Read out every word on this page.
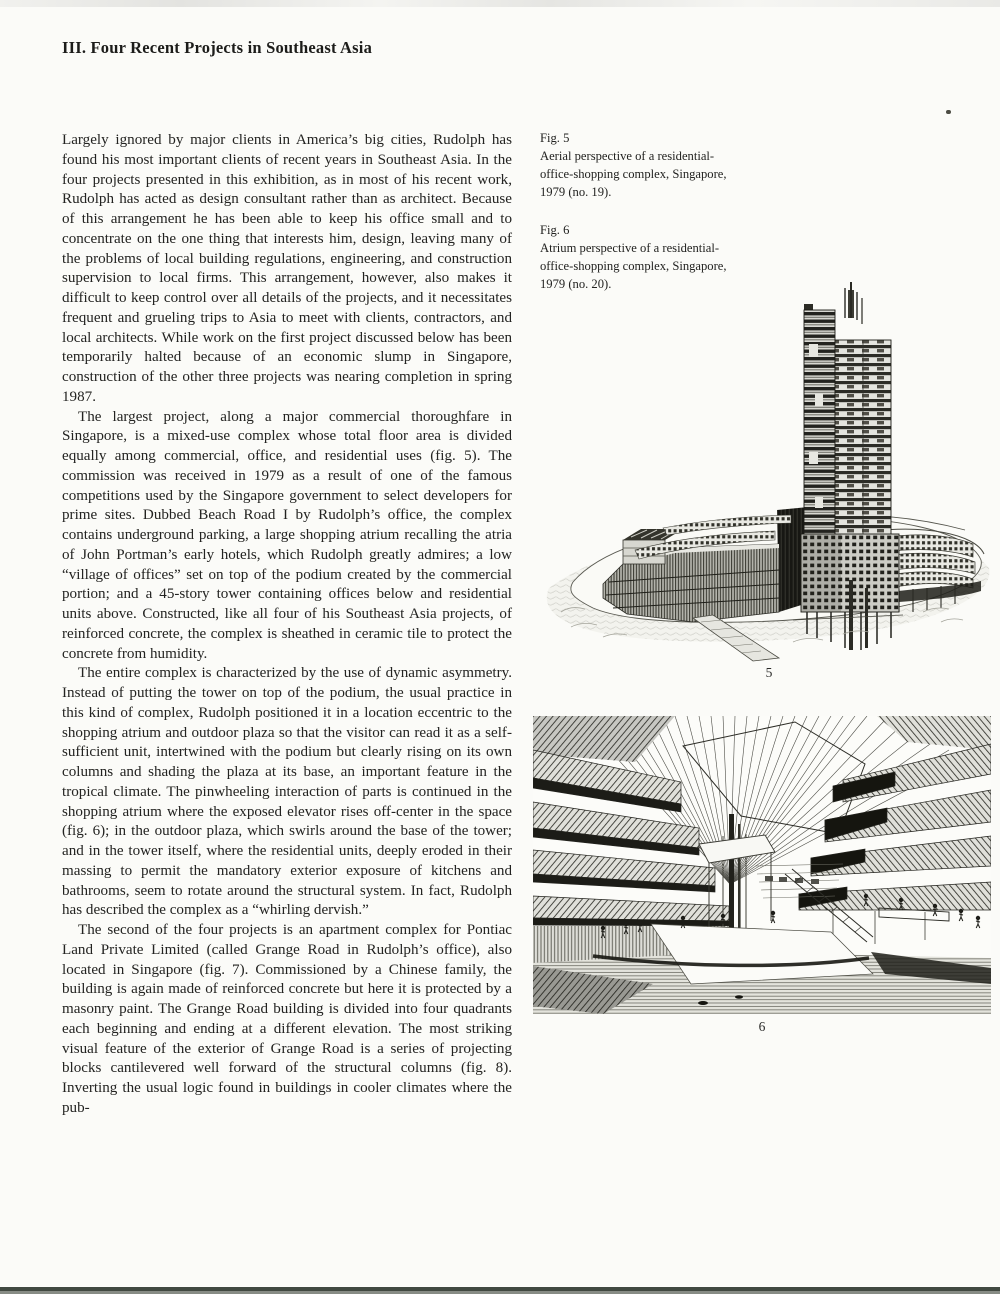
III. Four Recent Projects in Southeast Asia

Largely ignored by major clients in America’s big cities, Rudolph has found his most important clients of recent years in Southeast Asia. In the four projects presented in this exhibition, as in most of his recent work, Rudolph has acted as design consultant rather than as architect. Because of this arrangement he has been able to keep his office small and to concentrate on the one thing that interests him, design, leaving many of the problems of local building regulations, engineering, and construction supervision to local firms. This arrangement, however, also makes it difficult to keep control over all details of the projects, and it necessitates frequent and grueling trips to Asia to meet with clients, contractors, and local architects. While work on the first project discussed below has been temporarily halted because of an economic slump in Singapore, construction of the other three projects was nearing completion in spring 1987.

The largest project, along a major commercial thoroughfare in Singapore, is a mixed-use complex whose total floor area is divided equally among commercial, office, and residential uses (fig. 5). The commission was received in 1979 as a result of one of the famous competitions used by the Singapore government to select developers for prime sites. Dubbed Beach Road I by Rudolph’s office, the complex contains underground parking, a large shopping atrium recalling the atria of John Portman’s early hotels, which Rudolph greatly admires; a low “village of offices” set on top of the podium created by the commercial portion; and a 45-story tower containing offices below and residential units above. Constructed, like all four of his Southeast Asia projects, of reinforced concrete, the complex is sheathed in ceramic tile to protect the concrete from humidity.

The entire complex is characterized by the use of dynamic asymmetry. Instead of putting the tower on top of the podium, the usual practice in this kind of complex, Rudolph positioned it in a location eccentric to the shopping atrium and outdoor plaza so that the visitor can read it as a self-sufficient unit, intertwined with the podium but clearly rising on its own columns and shading the plaza at its base, an important feature in the tropical climate. The pinwheeling interaction of parts is continued in the shopping atrium where the exposed elevator rises off-center in the space (fig. 6); in the outdoor plaza, which swirls around the base of the tower; and in the tower itself, where the residential units, deeply eroded in their massing to permit the mandatory exterior exposure of kitchens and bathrooms, seem to rotate around the structural system. In fact, Rudolph has described the complex as a “whirling dervish.”

The second of the four projects is an apartment complex for Pontiac Land Private Limited (called Grange Road in Rudolph’s office), also located in Singapore (fig. 7). Commissioned by a Chinese family, the building is again made of reinforced concrete but here it is protected by a masonry paint. The Grange Road building is divided into four quadrants each beginning and ending at a different elevation. The most striking visual feature of the exterior of Grange Road is a series of projecting blocks cantilevered well forward of the structural columns (fig. 8). Inverting the usual logic found in buildings in cooler climates where the pub-

Fig. 5
Aerial perspective of a residential-
office-shopping complex, Singapore,
1979 (no. 19).
Fig. 6
Atrium perspective of a residential-
office-shopping complex, Singapore,
1979 (no. 20).
5
6
